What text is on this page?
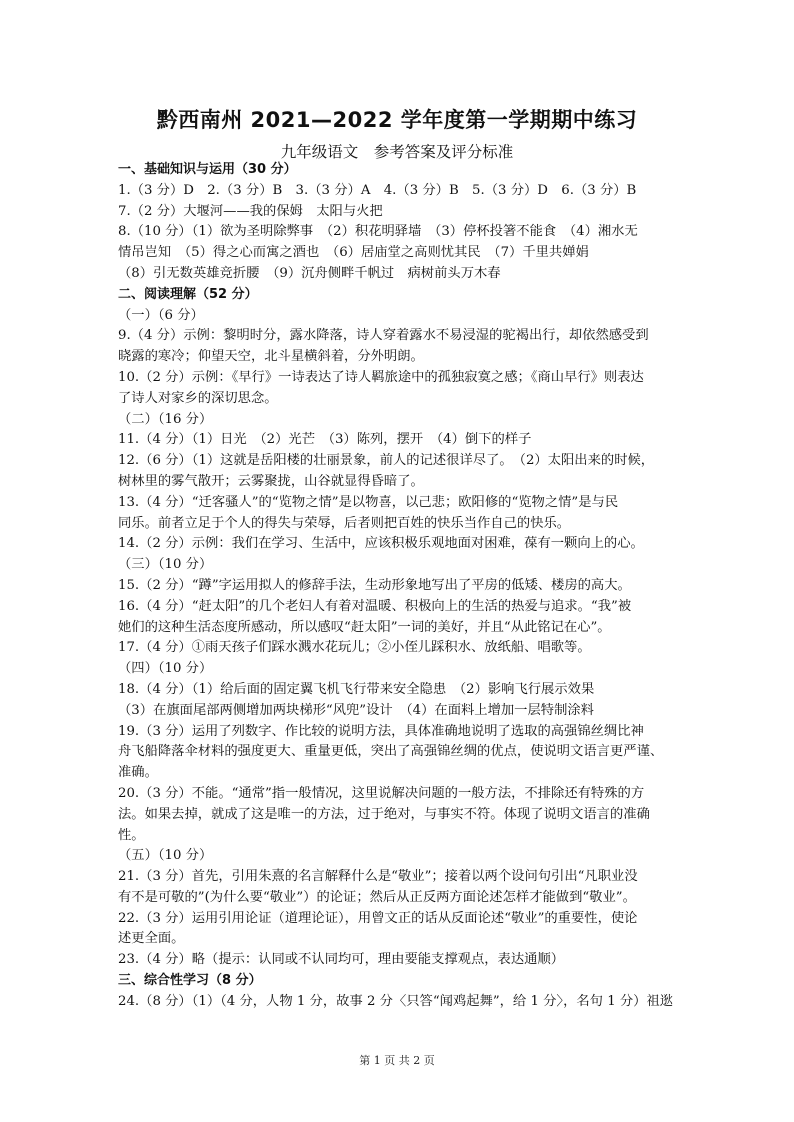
黔西南州 2021—2022 学年度第一学期期中练习
九年级语文　参考答案及评分标准

一、基础知识与运用（30 分）

1.（3 分）D　2.（3 分）B　3.（3 分）A　4.（3 分）B　5.（3 分）D　6.（3 分）B

7.（2 分）大堰河——我的保姆　太阳与火把

8.（10 分）（1）欲为圣明除弊事　（2）积花明驿墙　（3）停杯投箸不能食　（4）湘水无

情吊岂知　（5）得之心而寓之酒也　（6）居庙堂之高则忧其民　（7）千里共婵娟

（8）引无数英雄竞折腰　（9）沉舟侧畔千帆过　病树前头万木春

二、阅读理解（52 分）

（一）（6 分）

9.（4 分）示例：黎明时分，露水降落，诗人穿着露水不易浸湿的驼褐出行，却依然感受到

晓露的寒冷；仰望天空，北斗星横斜着，分外明朗。

10.（2 分）示例：《早行》一诗表达了诗人羁旅途中的孤独寂寞之感；《商山早行》则表达

了诗人对家乡的深切思念。

（二）（16 分）

11.（4 分）（1）日光　（2）光芒　（3）陈列，摆开　（4）倒下的样子

12.（6 分）（1）这就是岳阳楼的壮丽景象，前人的记述很详尽了。　（2）太阳出来的时候，

树林里的雾气散开；云雾聚拢，山谷就显得昏暗了。

13.（4 分）“迁客骚人”的“览物之情”是以物喜，以己悲；欧阳修的“览物之情”是与民

同乐。前者立足于个人的得失与荣辱，后者则把百姓的快乐当作自己的快乐。

14.（2 分）示例：我们在学习、生活中，应该积极乐观地面对困难，葆有一颗向上的心。

（三）（10 分）

15.（2 分）“蹲”字运用拟人的修辞手法，生动形象地写出了平房的低矮、楼房的高大。

16.（4 分）“赶太阳”的几个老妇人有着对温暖、积极向上的生活的热爱与追求。“我”被

她们的这种生活态度所感动，所以感叹“赶太阳”一词的美好，并且“从此铭记在心”。

17.（4 分）①雨天孩子们踩水溅水花玩儿；②小侄儿踩积水、放纸船、唱歌等。

（四）（10 分）

18.（4 分）（1）给后面的固定翼飞机飞行带来安全隐患　（2）影响飞行展示效果

（3）在旗面尾部两侧增加两块梯形“风兜”设计　（4）在面料上增加一层特制涂料

19.（3 分）运用了列数字、作比较的说明方法，具体准确地说明了选取的高强锦丝绸比神

舟飞船降落伞材料的强度更大、重量更低，突出了高强锦丝绸的优点，使说明文语言更严谨、

准确。

20.（3 分）不能。“通常”指一般情况，这里说解决问题的一般方法，不排除还有特殊的方

法。如果去掉，就成了这是唯一的方法，过于绝对，与事实不符。体现了说明文语言的准确

性。

（五）（10 分）

21.（3 分）首先，引用朱熹的名言解释什么是“敬业”；接着以两个设问句引出“凡职业没

有不是可敬的”(为什么要“敬业”）的论证；然后从正反两方面论述怎样才能做到“敬业”。

22.（3 分）运用引用论证（道理论证），用曾文正的话从反面论述“敬业”的重要性，使论

述更全面。

23.（4 分）略（提示：认同或不认同均可，理由要能支撑观点，表达通顺）

三、综合性学习（8 分）

24.（8 分）（1）（4 分，人物 1 分，故事 2 分〈只答“闻鸡起舞”，给 1 分〉，名句 1 分）祖逖

第 1 页 共 2 页
